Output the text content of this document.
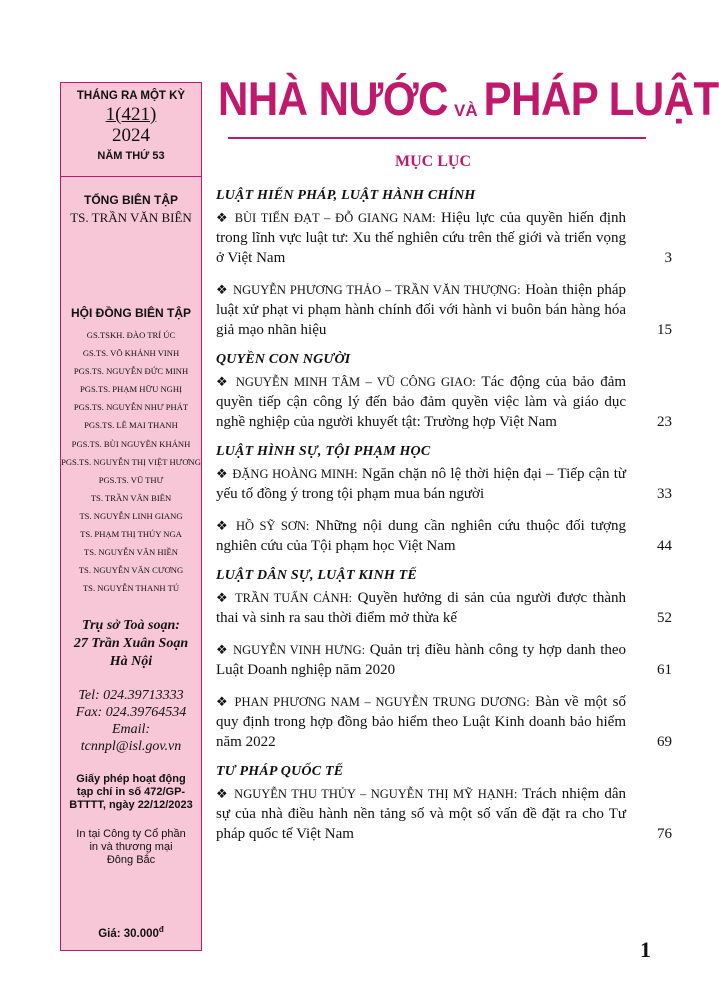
THÁNG RA MỘT KỲ
1(421)
2024
NĂM THỨ 53
TỔNG BIÊN TẬP
TS. TRẦN VĂN BIÊN
HỘI ĐỒNG BIÊN TẬP
GS.TSKH. ĐÀO TRÍ ÚC
GS.TS. VÕ KHÁNH VINH
PGS.TS. NGUYỄN ĐỨC MINH
PGS.TS. PHẠM HỮU NGHỊ
PGS.TS. NGUYỄN NHƯ PHÁT
PGS.TS. LÊ MAI THANH
PGS.TS. BÙI NGUYÊN KHÁNH
PGS.TS. NGUYỄN THỊ VIỆT HƯƠNG
PGS.TS. VŨ THƯ
TS. TRẦN VĂN BIÊN
TS. NGUYỄN LINH GIANG
TS. PHẠM THỊ THÚY NGA
TS. NGUYỄN VĂN HIỀN
TS. NGUYỄN VĂN CƯƠNG
TS. NGUYỄN THANH TÚ
Trụ sở Toà soạn:
27 Trần Xuân Soạn
Hà Nội
Tel: 024.39713333
Fax: 024.39764534
Email:
tcnnpl@isl.gov.vn
Giấy phép hoạt động
tạp chí in số 472/GP-
BTTTT, ngày 22/12/2023
In tại Công ty Cổ phần
in và thương mại
Đông Bắc
Giá: $30.000^đ$
NHÀ NƯỚC VÀ PHÁP LUẬT
MỤC LỤC
LUẬT HIẾN PHÁP, LUẬT HÀNH CHÍNH
❖ BÙI TIẾN ĐẠT – ĐỖ GIANG NAM: Hiệu lực của quyền hiến định trong lĩnh vực luật tư: Xu thế nghiên cứu trên thế giới và triển vọng ở Việt Nam	3
❖ NGUYỄN PHƯƠNG THẢO – TRẦN VĂN THƯỢNG: Hoàn thiện pháp luật xử phạt vi phạm hành chính đối với hành vi buôn bán hàng hóa giả mạo nhãn hiệu	15
QUYỀN CON NGƯỜI
❖ NGUYỄN MINH TÂM – VŨ CÔNG GIAO: Tác động của bảo đảm quyền tiếp cận công lý đến bảo đảm quyền việc làm và giáo dục nghề nghiệp của người khuyết tật: Trường hợp Việt Nam	23
LUẬT HÌNH SỰ, TỘI PHẠM HỌC
❖ ĐẶNG HOÀNG MINH: Ngăn chặn nô lệ thời hiện đại – Tiếp cận từ yếu tố đồng ý trong tội phạm mua bán người	33
❖ HỒ SỸ SƠN: Những nội dung cần nghiên cứu thuộc đối tượng nghiên cứu của Tội phạm học Việt Nam	44
LUẬT DÂN SỰ, LUẬT KINH TẾ
❖ TRẦN TUẤN CẢNH: Quyền hưởng di sản của người được thành thai và sinh ra sau thời điểm mở thừa kế	52
❖ NGUYỄN VINH HƯNG: Quản trị điều hành công ty hợp danh theo Luật Doanh nghiệp năm 2020	61
❖ PHAN PHƯƠNG NAM – NGUYỄN TRUNG DƯƠNG: Bàn về một số quy định trong hợp đồng bảo hiểm theo Luật Kinh doanh bảo hiểm năm 2022	69
TƯ PHÁP QUỐC TẾ
❖ NGUYỄN THU THỦY – NGUYỄN THỊ MỸ HẠNH: Trách nhiệm dân sự của nhà điều hành nền tảng số và một số vấn đề đặt ra cho Tư pháp quốc tế Việt Nam	76
1
